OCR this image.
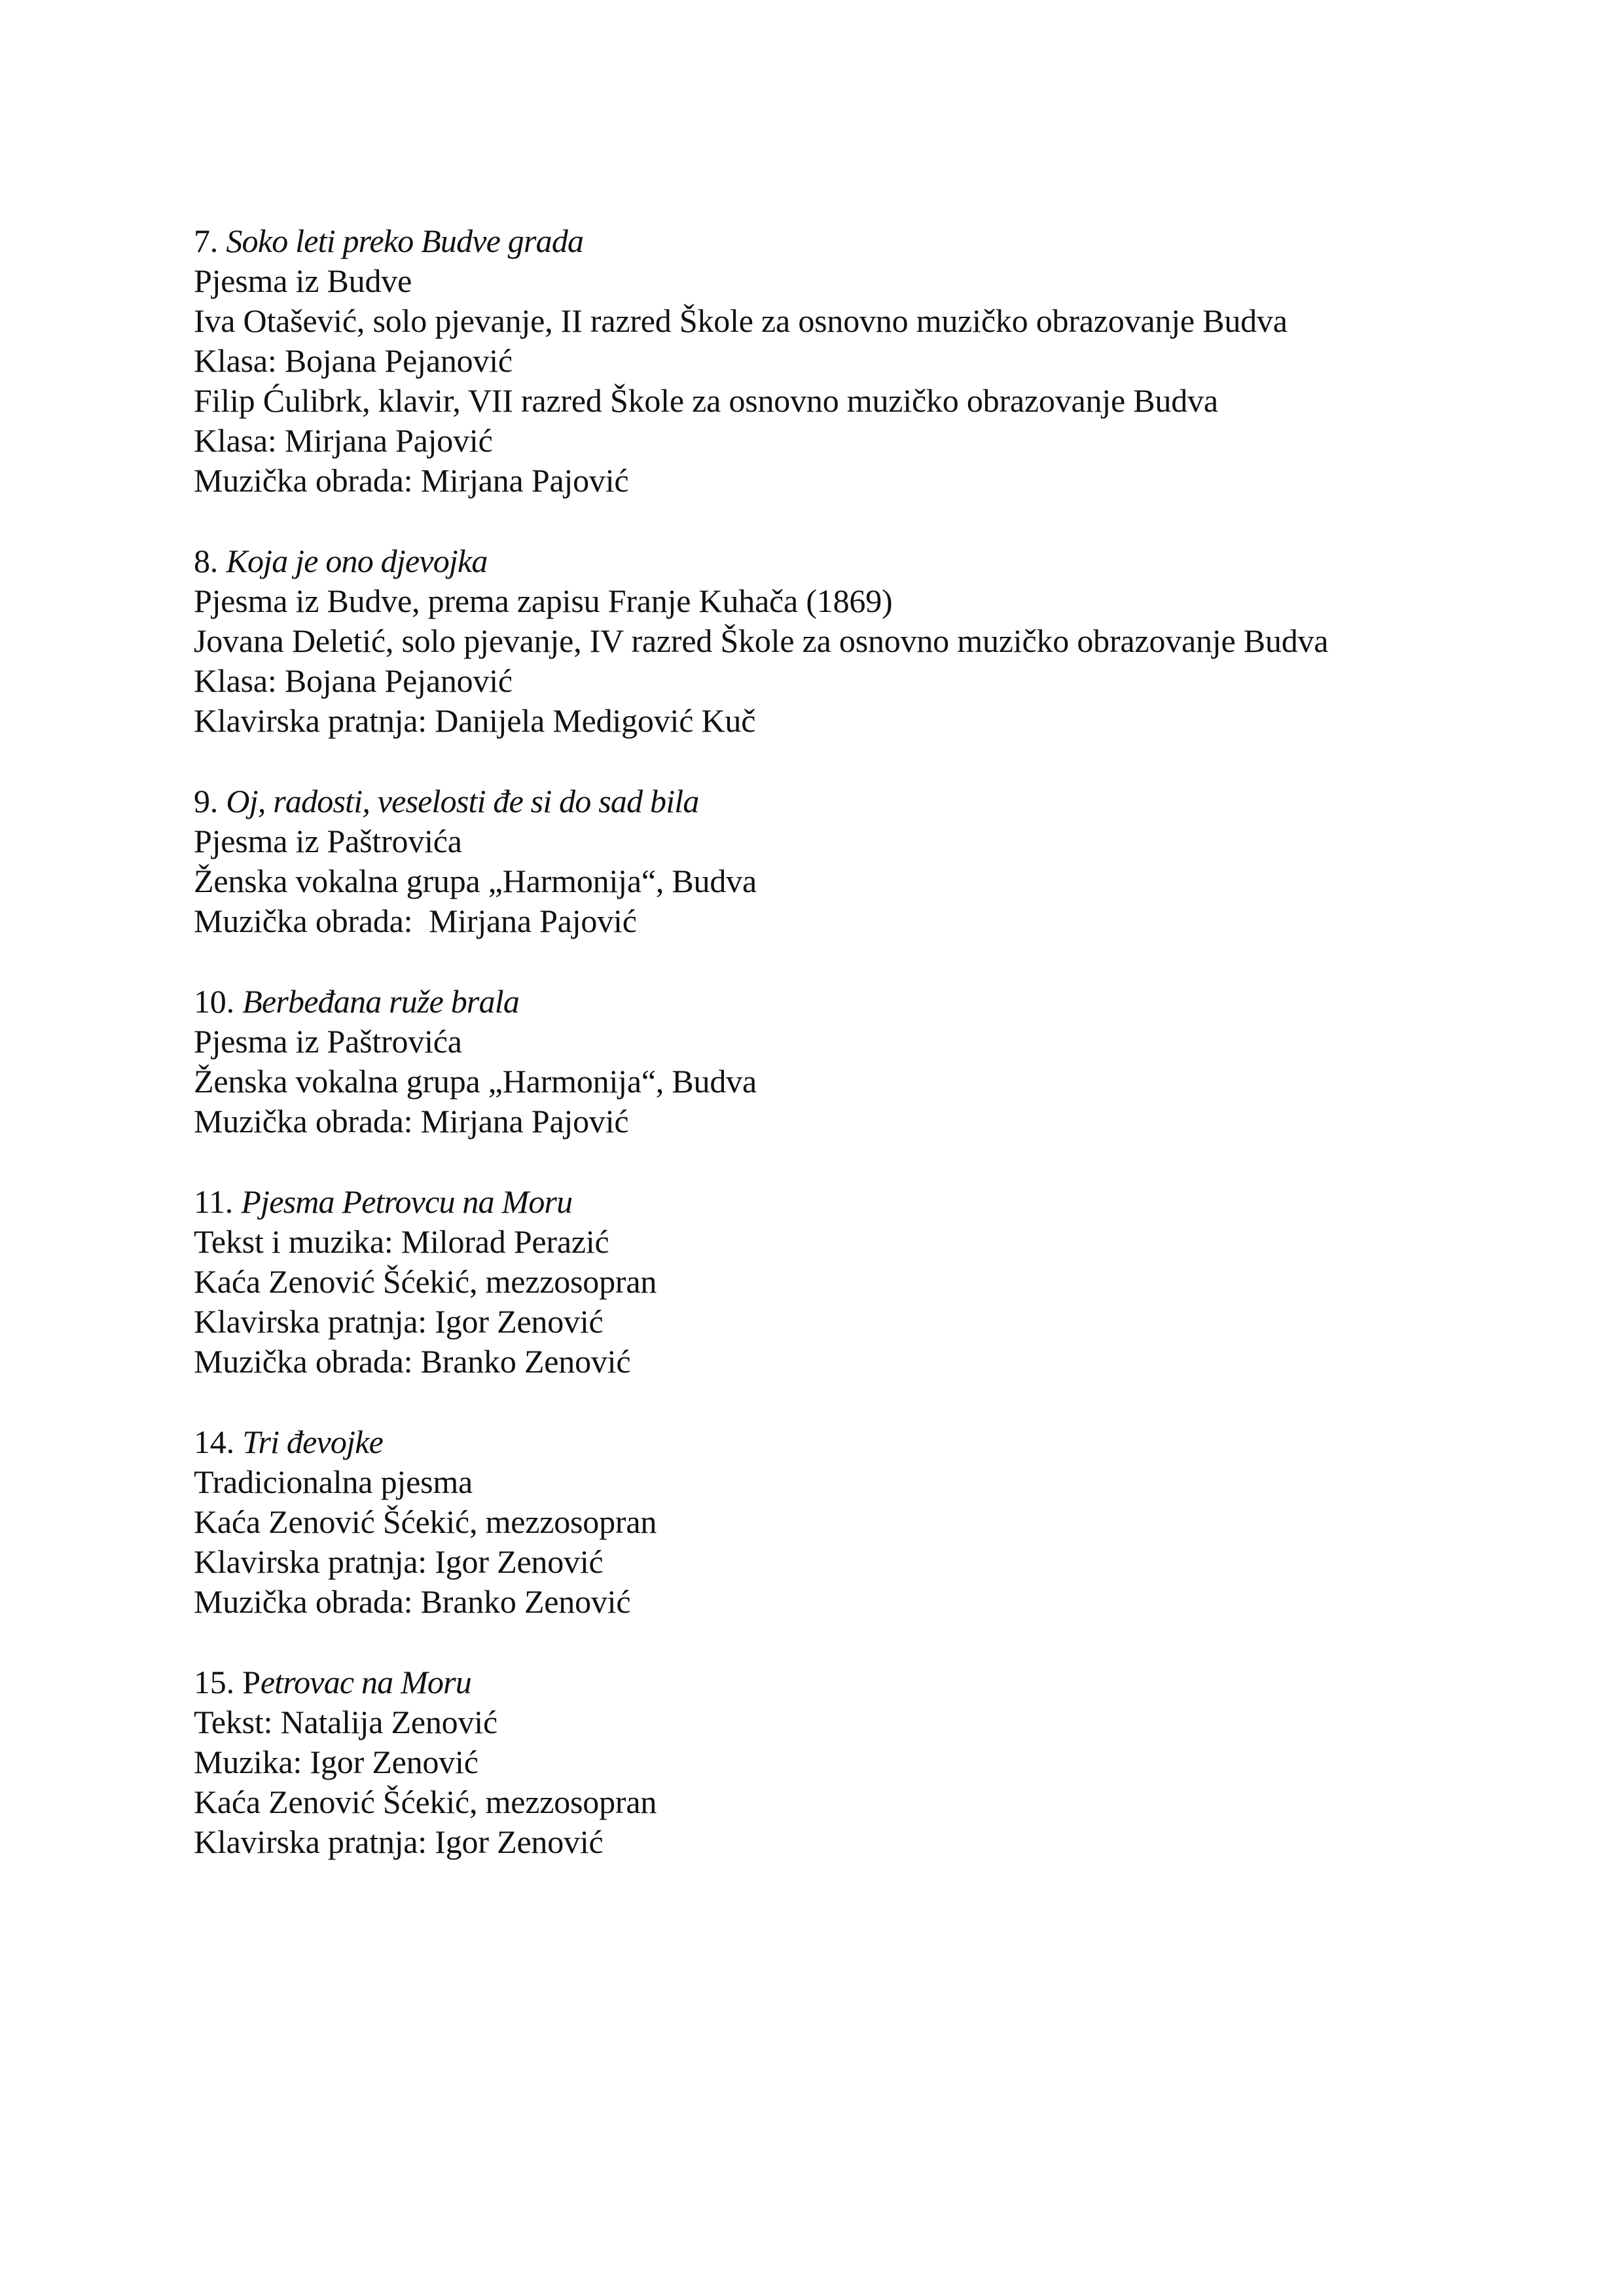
7. Soko leti preko Budve grada
Pjesma iz Budve
Iva Otašević, solo pjevanje, II razred Škole za osnovno muzičko obrazovanje Budva
Klasa: Bojana Pejanović
Filip Ćulibrk, klavir, VII razred Škole za osnovno muzičko obrazovanje Budva
Klasa: Mirjana Pajović
Muzička obrada: Mirjana Pajović
8. Koja je ono djevojka
Pjesma iz Budve, prema zapisu Franje Kuhača (1869)
Jovana Deletić, solo pjevanje, IV razred Škole za osnovno muzičko obrazovanje Budva
Klasa: Bojana Pejanović
Klavirska pratnja: Danijela Medigović Kuč
9. Oj, radosti, veselosti đe si do sad bila
Pjesma iz Paštrovića
Ženska vokalna grupa „Harmonija“, Budva
Muzička obrada:  Mirjana Pajović
10. Berbeđana ruže brala
Pjesma iz Paštrovića
Ženska vokalna grupa „Harmonija“, Budva
Muzička obrada: Mirjana Pajović
11. Pjesma Petrovcu na Moru
Tekst i muzika: Milorad Perazić
Kaća Zenović Šćekić, mezzosopran
Klavirska pratnja: Igor Zenović
Muzička obrada: Branko Zenović
14. Tri đevojke
Tradicionalna pjesma
Kaća Zenović Šćekić, mezzosopran
Klavirska pratnja: Igor Zenović
Muzička obrada: Branko Zenović
15. Petrovac na Moru
Tekst: Natalija Zenović
Muzika: Igor Zenović
Kaća Zenović Šćekić, mezzosopran
Klavirska pratnja: Igor Zenović
